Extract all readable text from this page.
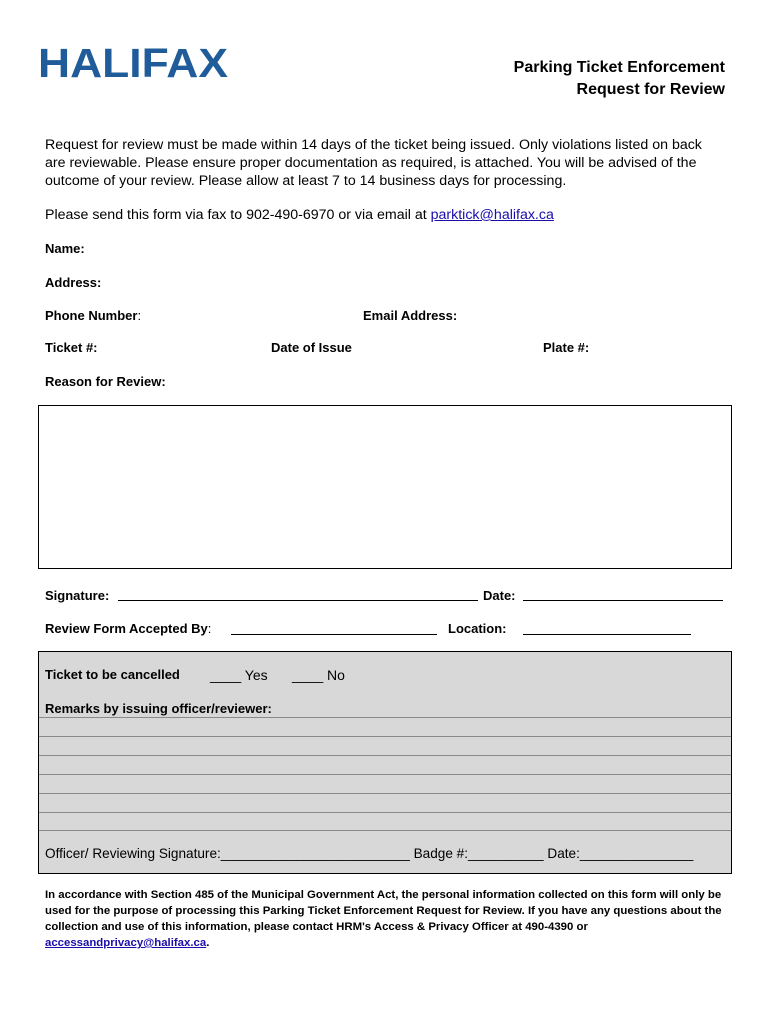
HALIFAX	Parking Ticket Enforcement
Request for Review
Request for review must be made within 14 days of the ticket being issued. Only violations listed on back are reviewable. Please ensure proper documentation as required, is attached. You will be advised of the outcome of your review. Please allow at least 7 to 14 business days for processing.
Please send this form via fax to 902-490-6970 or via email at parktick@halifax.ca
Name:
Address:
Phone Number:	Email Address:
Ticket #:	Date of Issue	Plate #:
Reason for Review:
Signature:	Date:
Review Form Accepted By:	Location:
Ticket to be cancelled ____ Yes ____ No
Remarks by issuing officer/reviewer:
Officer/ Reviewing Signature:_________________________ Badge #:__________ Date:_______________
In accordance with Section 485 of the Municipal Government Act, the personal information collected on this form will only be used for the purpose of processing this Parking Ticket Enforcement Request for Review. If you have any questions about the collection and use of this information, please contact HRM's Access & Privacy Officer at 490-4390 or accessandprivacy@halifax.ca.
